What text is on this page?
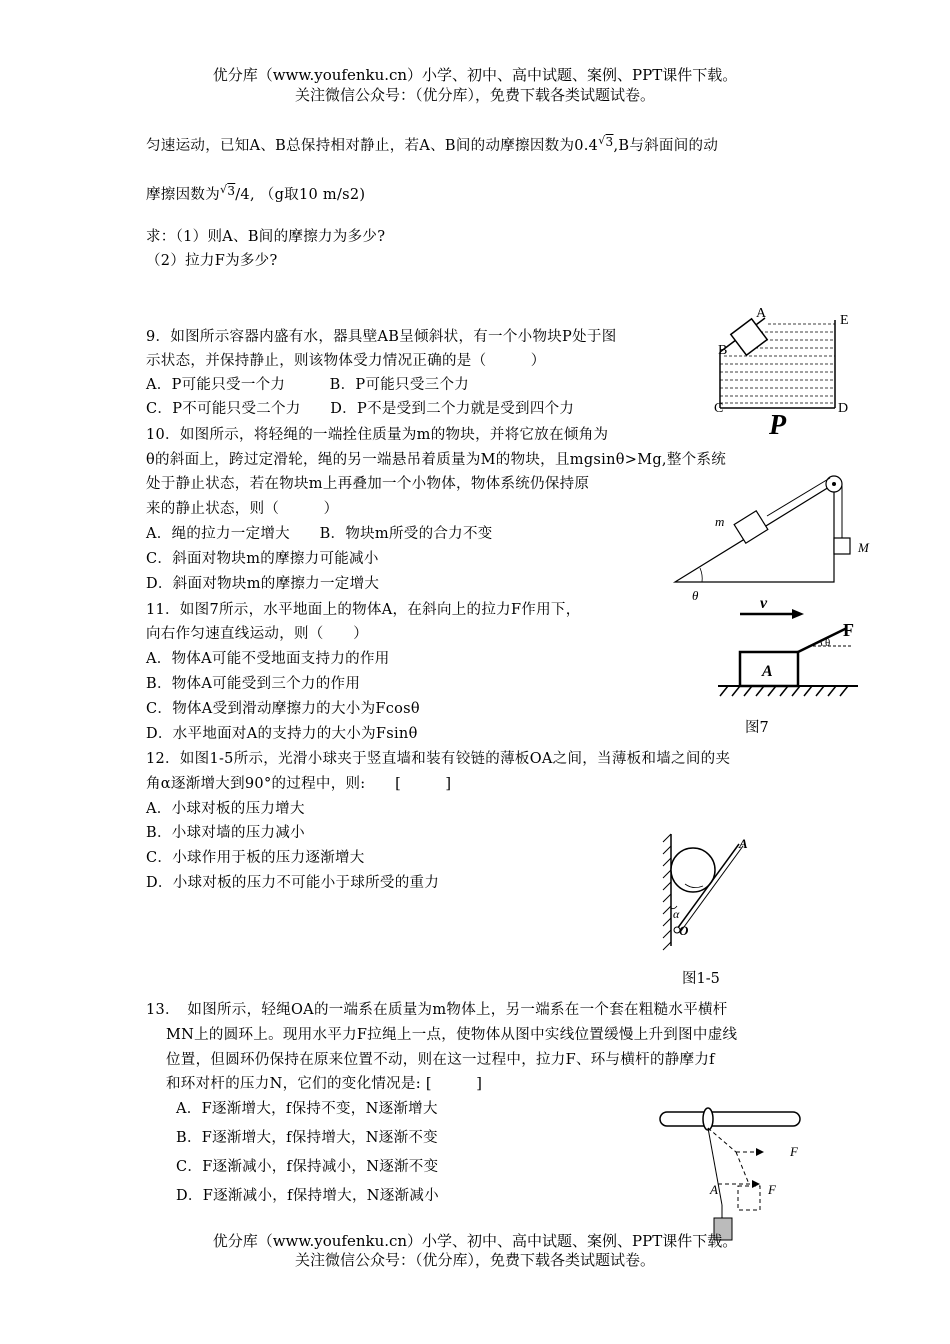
优分库（www.youfenku.cn）小学、初中、高中试题、案例、PPT课件下载。
关注微信公众号：（优分库），免费下载各类试题试卷。
匀速运动，已知A、B总保持相对静止，若A、B间的动摩擦因数为$0.4^{√3},B$与斜面间的动
摩擦因数为$^{√3}$/4, （g取10 m/s2)
求：（1）则A、B间的摩擦力为多少?
（2）拉力F为多少?
9．如图所示容器内盛有水，器具壁AB呈倾斜状，有一个小物块P处于图
示状态，并保持静止，则该物体受力情况正确的是（　　　）
A．P可能只受一个力　　　B．P可能只受三个力
C．P不可能只受二个力　　D．P不是受到二个力就是受到四个力
A
B
C	D
E
P
10．如图所示，将轻绳的一端拴住质量为m的物块，并将它放在倾角为
θ的斜面上，跨过定滑轮，绳的另一端悬吊着质量为M的物块，且mgsinθ>Mg,整个系统
处于静止状态，若在物块m上再叠加一个小物体，物体系统仍保持原
来的静止状态，则（　　　）
A．绳的拉力一定增大　　B．物块m所受的合力不变
C．斜面对物块m的摩擦力可能减小
D．斜面对物块m的摩擦力一定增大
m
M
θ
11．如图7所示，水平地面上的物体A，在斜向上的拉力F作用下，
向右作匀速直线运动，则（　　）
A．物体A可能不受地面支持力的作用
B．物体A可能受到三个力的作用
C．物体A受到滑动摩擦力的大小为Fcosθ
D．水平地面对A的支持力的大小为Fsinθ
v
A
θ
F
图7
12．如图1-5所示，光滑小球夹于竖直墙和装有铰链的薄板OA之间，当薄板和墙之间的夹
角α逐渐增大到90°的过程中，则:　　[　　　]
A．小球对板的压力增大
B．小球对墙的压力减小
C．小球作用于板的压力逐渐增大
D．小球对板的压力不可能小于球所受的重力
A
O
α
图1-5
13．　如图所示，轻绳OA的一端系在质量为m物体上，另一端系在一个套在粗糙水平横杆
MN上的圆环上。现用水平力F拉绳上一点，使物体从图中实线位置缓慢上升到图中虚线
位置，但圆环仍保持在原来位置不动，则在这一过程中，拉力F、环与横杆的静摩力f
和环对杆的压力N，它们的变化情况是: [　　　]
A．F逐渐增大，f保持不变，N逐渐增大
B．F逐渐增大，f保持增大，N逐渐不变
C．F逐渐减小，f保持减小，N逐渐不变
D．F逐渐减小，f保持增大，N逐渐减小
F
F
A
优分库（www.youfenku.cn）小学、初中、高中试题、案例、PPT课件下载。
关注微信公众号：（优分库），免费下载各类试题试卷。
